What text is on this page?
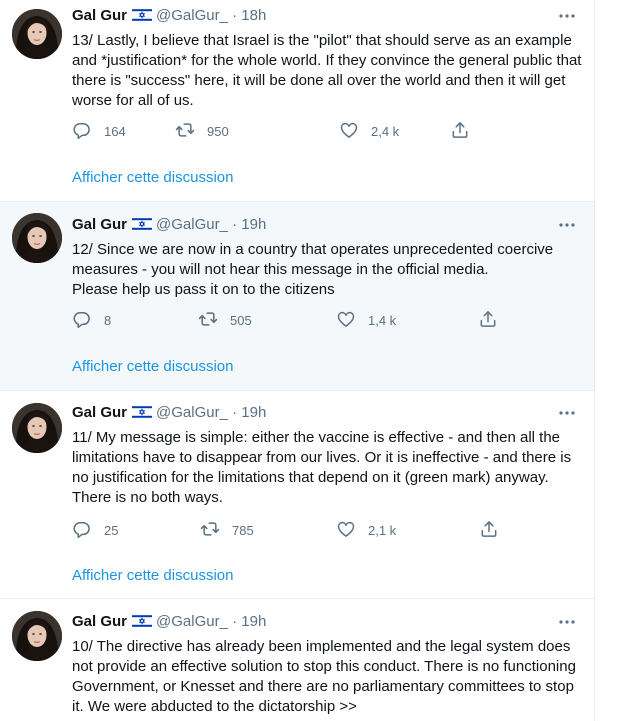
Gal Gur @GalGur_ · 18h
13/ Lastly, I believe that Israel is the "pilot" that should serve as an example and *justification* for the whole world. If they convince the general public that there is "success" here, it will be done all over the world and then it will get worse for all of us.
164	950	2,4 k
Afficher cette discussion
Gal Gur @GalGur_ · 19h
12/ Since we are now in a country that operates unprecedented coercive measures - you will not hear this message in the official media.
Please help us pass it on to the citizens
8	505	1,4 k
Afficher cette discussion
Gal Gur @GalGur_ · 19h
11/ My message is simple: either the vaccine is effective - and then all the limitations have to disappear from our lives. Or it is ineffective - and there is no justification for the limitations that depend on it (green mark) anyway. There is no both ways.
25	785	2,1 k
Afficher cette discussion
Gal Gur @GalGur_ · 19h
10/ The directive has already been implemented and the legal system does not provide an effective solution to stop this conduct. There is no functioning Government, or Knesset and there are no parliamentary committees to stop it. We were abducted to the dictatorship >>
